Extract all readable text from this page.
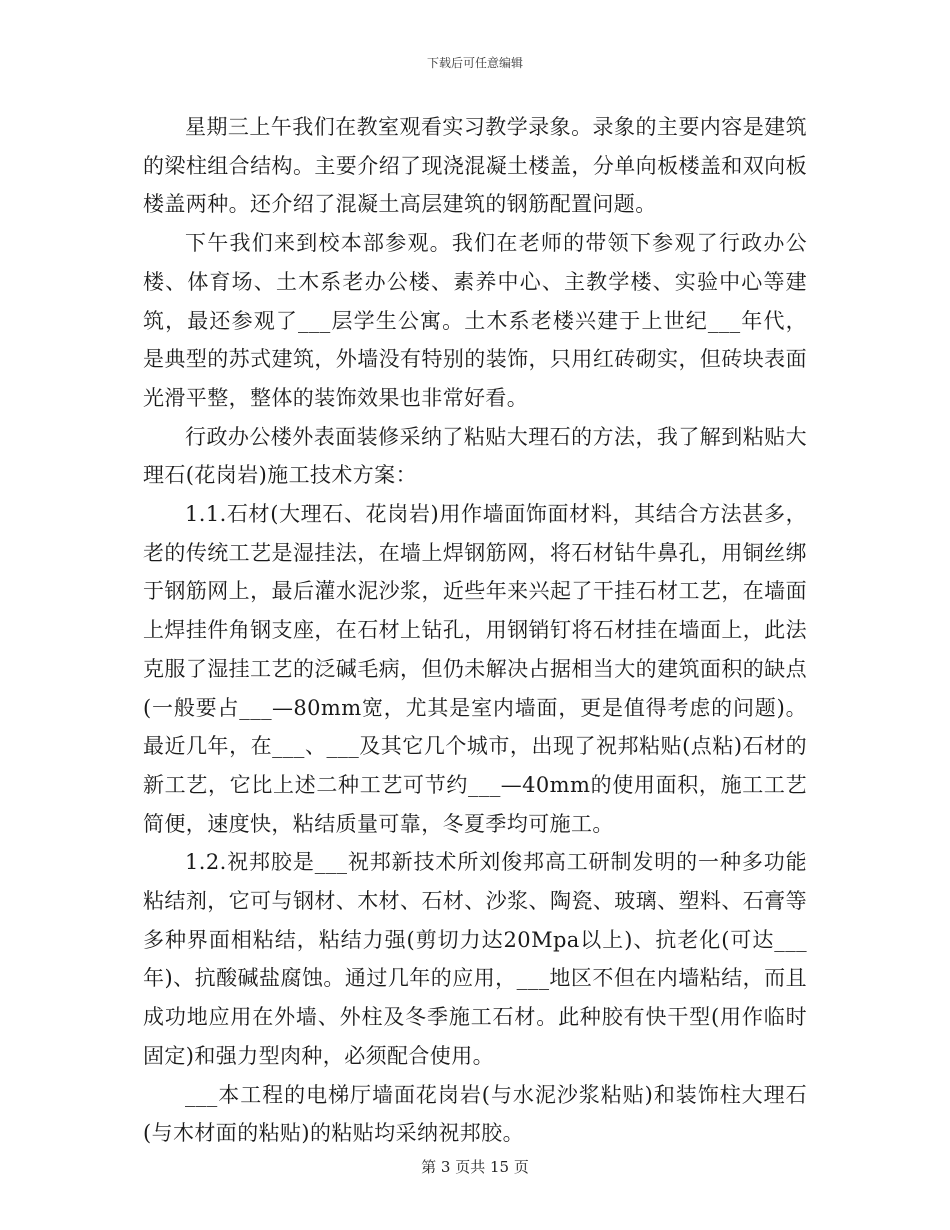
下载后可任意编辑

星期三上午我们在教室观看实习教学录象。录象的主要内容是建筑的梁柱组合结构。主要介绍了现浇混凝土楼盖，分单向板楼盖和双向板楼盖两种。还介绍了混凝土高层建筑的钢筋配置问题。

下午我们来到校本部参观。我们在老师的带领下参观了行政办公楼、体育场、土木系老办公楼、素养中心、主教学楼、实验中心等建筑，最还参观了___层学生公寓。土木系老楼兴建于上世纪___年代，是典型的苏式建筑，外墙没有特别的装饰，只用红砖砌实，但砖块表面光滑平整，整体的装饰效果也非常好看。

行政办公楼外表面装修采纳了粘贴大理石的方法，我了解到粘贴大理石(花岗岩)施工技术方案：

1.1.石材(大理石、花岗岩)用作墙面饰面材料，其结合方法甚多，老的传统工艺是湿挂法，在墙上焊钢筋网，将石材钻牛鼻孔，用铜丝绑于钢筋网上，最后灌水泥沙浆，近些年来兴起了干挂石材工艺，在墙面上焊挂件角钢支座，在石材上钻孔，用钢销钉将石材挂在墙面上，此法克服了湿挂工艺的泛碱毛病，但仍未解决占据相当大的建筑面积的缺点(一般要占___—80mm宽，尤其是室内墙面，更是值得考虑的问题)。最近几年，在___、___及其它几个城市，出现了祝邦粘贴(点粘)石材的新工艺，它比上述二种工艺可节约___—40mm的使用面积，施工工艺简便，速度快，粘结质量可靠，冬夏季均可施工。

1.2.祝邦胶是___祝邦新技术所刘俊邦高工研制发明的一种多功能粘结剂，它可与钢材、木材、石材、沙浆、陶瓷、玻璃、塑料、石膏等多种界面相粘结，粘结力强(剪切力达20Mpa以上)、抗老化(可达___年)、抗酸碱盐腐蚀。通过几年的应用，___地区不但在内墙粘结，而且成功地应用在外墙、外柱及冬季施工石材。此种胶有快干型(用作临时固定)和强力型肉种，必须配合使用。

___本工程的电梯厅墙面花岗岩(与水泥沙浆粘贴)和装饰柱大理石(与木材面的粘贴)的粘贴均采纳祝邦胶。

第 3 页共 15 页
